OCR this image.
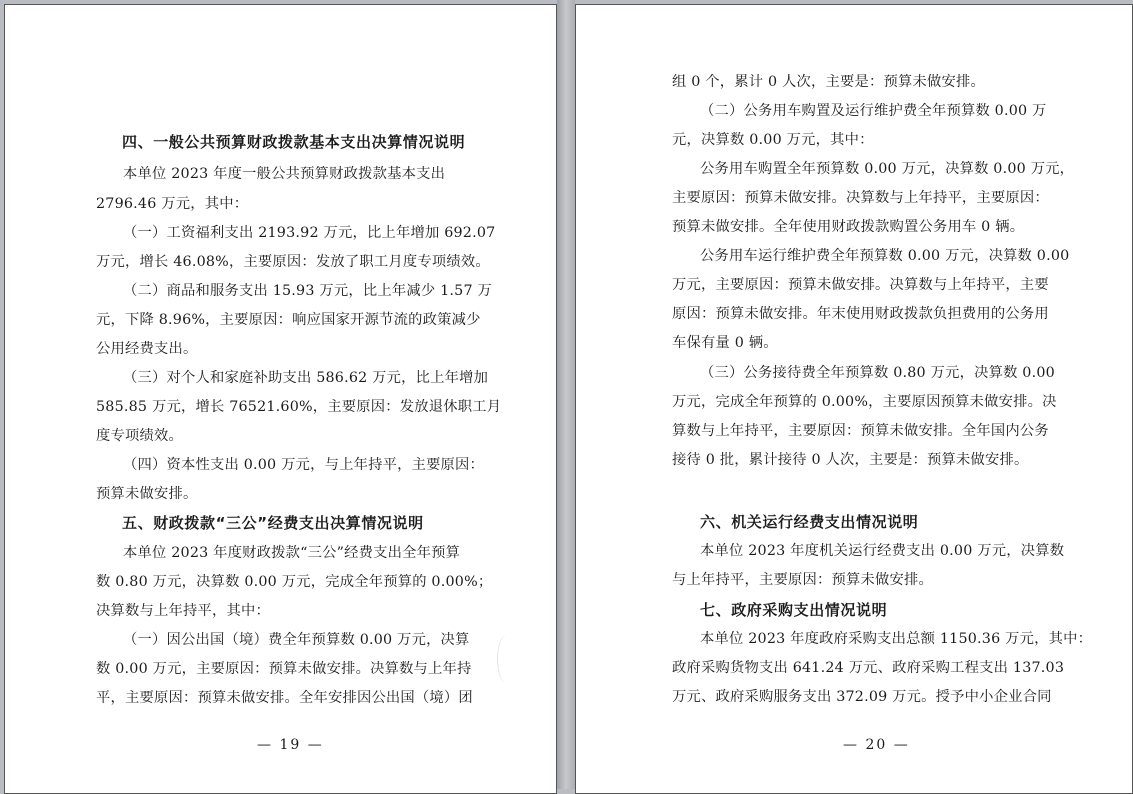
四、一般公共预算财政拨款基本支出决算情况说明
本单位 2023 年度一般公共预算财政拨款基本支出
2796.46 万元，其中：
（一）工资福利支出 2193.92 万元，比上年增加 692.07
万元，增长 46.08%，主要原因：发放了职工月度专项绩效。
（二）商品和服务支出 15.93 万元，比上年减少 1.57 万
元，下降 8.96%，主要原因：响应国家开源节流的政策减少
公用经费支出。
（三）对个人和家庭补助支出 586.62 万元，比上年增加
585.85 万元，增长 76521.60%，主要原因：发放退休职工月
度专项绩效。
（四）资本性支出 0.00 万元，与上年持平，主要原因：
预算未做安排。
五、财政拨款“三公”经费支出决算情况说明
本单位 2023 年度财政拨款“三公”经费支出全年预算
数 0.80 万元，决算数 0.00 万元，完成全年预算的 0.00%；
决算数与上年持平，其中：
（一）因公出国（境）费全年预算数 0.00 万元，决算
数 0.00 万元，主要原因：预算未做安排。决算数与上年持
平，主要原因：预算未做安排。全年安排因公出国（境）团
— 19 —
组 0 个，累计 0 人次，主要是：预算未做安排。
（二）公务用车购置及运行维护费全年预算数 0.00 万
元，决算数 0.00 万元，其中：
公务用车购置全年预算数 0.00 万元，决算数 0.00 万元，
主要原因：预算未做安排。决算数与上年持平，主要原因：
预算未做安排。全年使用财政拨款购置公务用车 0 辆。
公务用车运行维护费全年预算数 0.00 万元，决算数 0.00
万元，主要原因：预算未做安排。决算数与上年持平，主要
原因：预算未做安排。年末使用财政拨款负担费用的公务用
车保有量 0 辆。
（三）公务接待费全年预算数 0.80 万元，决算数 0.00
万元，完成全年预算的 0.00%，主要原因预算未做安排。决
算数与上年持平，主要原因：预算未做安排。全年国内公务
接待 0 批，累计接待 0 人次，主要是：预算未做安排。
六、机关运行经费支出情况说明
本单位 2023 年度机关运行经费支出 0.00 万元，决算数
与上年持平，主要原因：预算未做安排。
七、政府采购支出情况说明
本单位 2023 年度政府采购支出总额 1150.36 万元，其中：
政府采购货物支出 641.24 万元、政府采购工程支出 137.03
万元、政府采购服务支出 372.09 万元。授予中小企业合同
— 20 —
